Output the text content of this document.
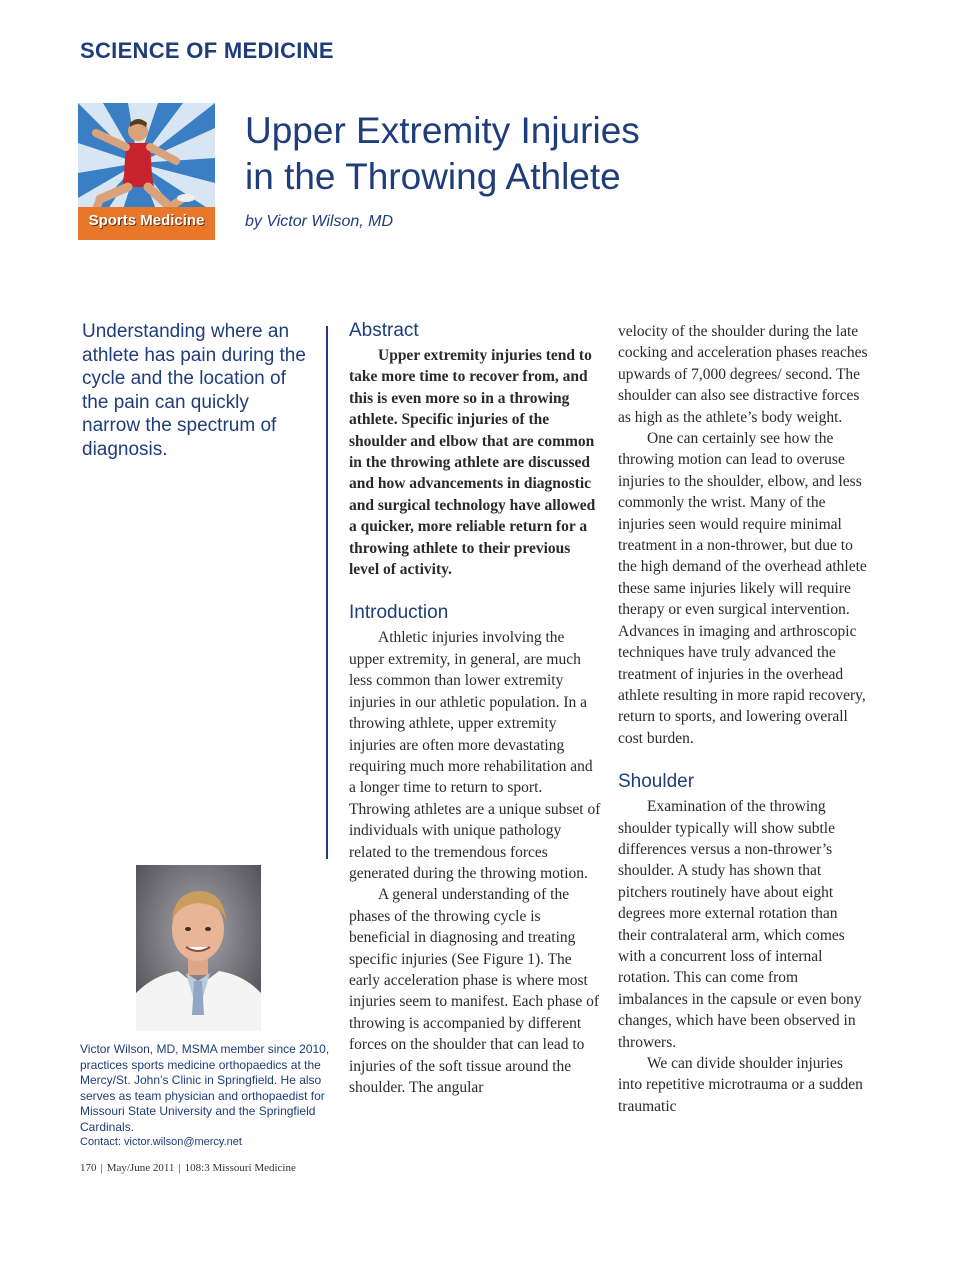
SCIENCE OF MEDICINE
Sports Medicine
Upper Extremity Injuries
in the Throwing Athlete
by Victor Wilson, MD

Understanding where an athlete has pain during the cycle and the location of the pain can quickly narrow the spectrum of diagnosis.

Victor Wilson, MD, MSMA member since 2010, practices sports medicine orthopaedics at the Mercy/St. John’s Clinic in Springfield. He also serves as team physician and orthopaedist for Missouri State University and the Springfield Cardinals.
Contact: victor.wilson@mercy.net
170 | May/June 2011 | 108:3 Missouri Medicine
Abstract

Upper extremity injuries tend to take more time to recover from, and this is even more so in a throwing athlete. Specific injuries of the shoulder and elbow that are common in the throwing athlete are discussed and how advancements in diagnostic and surgical technology have allowed a quicker, more reliable return for a throwing athlete to their previous level of activity.

Introduction

Athletic injuries involving the upper extremity, in general, are much less common than lower extremity injuries in our athletic population. In a throwing athlete, upper extremity injuries are often more devastating requiring much more rehabilitation and a longer time to return to sport. Throwing athletes are a unique subset of individuals with unique pathology related to the tremendous forces generated during the throwing motion.

A general understanding of the phases of the throwing cycle is beneficial in diagnosing and treating specific injuries (See Figure 1). The early acceleration phase is where most injuries seem to manifest. Each phase of throwing is accompanied by different forces on the shoulder that can lead to injuries of the soft tissue around the shoulder. The angular

velocity of the shoulder during the late cocking and acceleration phases reaches upwards of 7,000 degrees/ second. The shoulder can also see distractive forces as high as the athlete’s body weight.

One can certainly see how the throwing motion can lead to overuse injuries to the shoulder, elbow, and less commonly the wrist. Many of the injuries seen would require minimal treatment in a non-thrower, but due to the high demand of the overhead athlete these same injuries likely will require therapy or even surgical intervention. Advances in imaging and arthroscopic techniques have truly advanced the treatment of injuries in the overhead athlete resulting in more rapid recovery, return to sports, and lowering overall cost burden.

Shoulder

Examination of the throwing shoulder typically will show subtle differences versus a non-thrower’s shoulder. A study has shown that pitchers routinely have about eight degrees more external rotation than their contralateral arm, which comes with a concurrent loss of internal rotation. This can come from imbalances in the capsule or even bony changes, which have been observed in throwers.

We can divide shoulder injuries into repetitive microtrauma or a sudden traumatic
